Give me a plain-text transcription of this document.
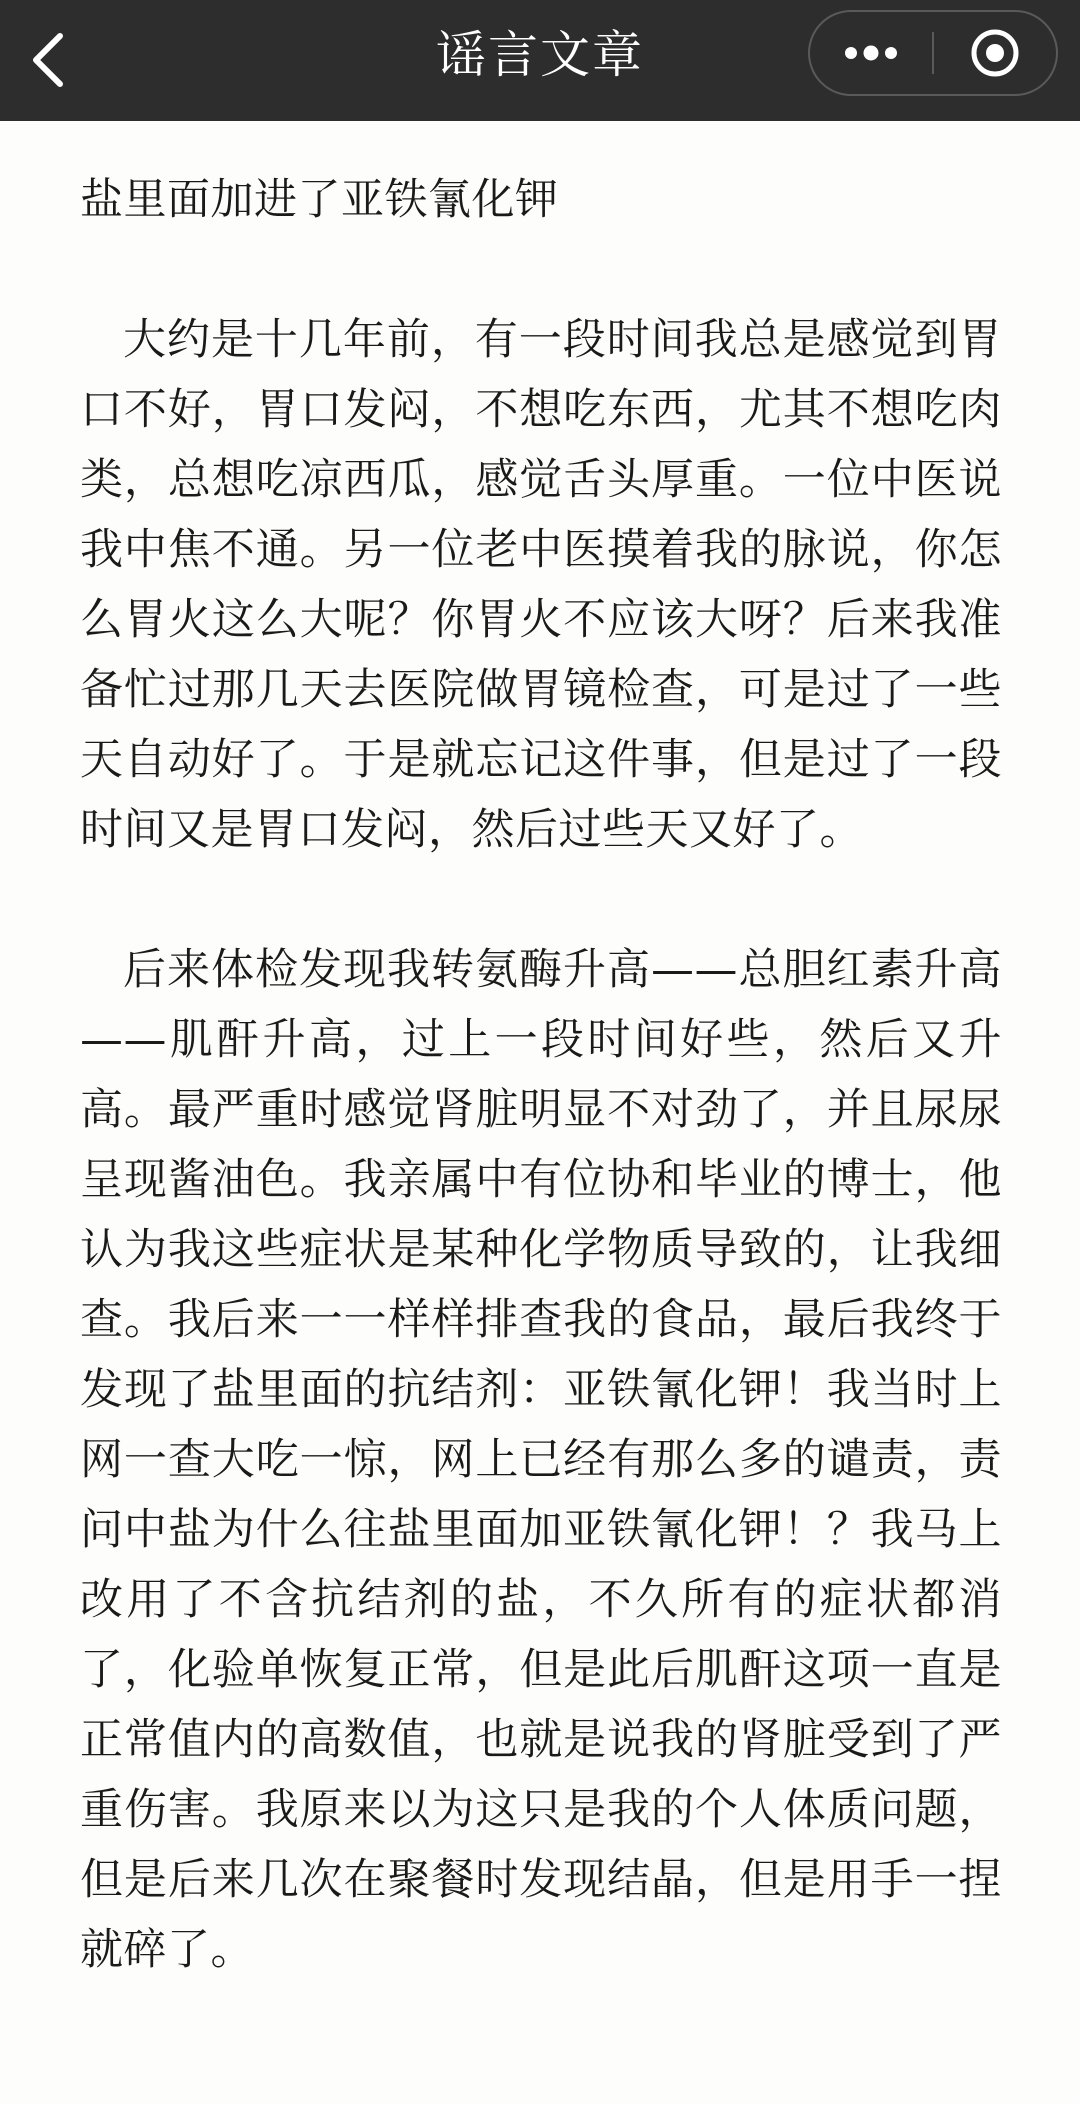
谣言文章
盐里面加进了亚铁氰化钾

大约是十几年前，有一段时间我总是感觉到胃口不好，胃口发闷，不想吃东西，尤其不想吃肉类，总想吃凉西瓜，感觉舌头厚重。一位中医说我中焦不通。另一位老中医摸着我的脉说，你怎么胃火这么大呢？你胃火不应该大呀？后来我准备忙过那几天去医院做胃镜检查，可是过了一些天自动好了。于是就忘记这件事，但是过了一段时间又是胃口发闷，然后过些天又好了。

后来体检发现我转氨酶升高——总胆红素升高——肌酐升高，过上一段时间好些，然后又升高。最严重时感觉肾脏明显不对劲了，并且尿尿呈现酱油色。我亲属中有位协和毕业的博士，他认为我这些症状是某种化学物质导致的，让我细查。我后来一一样样排查我的食品，最后我终于发现了盐里面的抗结剂：亚铁氰化钾！我当时上网一查大吃一惊，网上已经有那么多的谴责，责问中盐为什么往盐里面加亚铁氰化钾！？我马上改用了不含抗结剂的盐，不久所有的症状都消了，化验单恢复正常，但是此后肌酐这项一直是正常值内的高数值，也就是说我的肾脏受到了严重伤害。我原来以为这只是我的个人体质问题，但是后来几次在聚餐时发现结晶，但是用手一捏就碎了。
